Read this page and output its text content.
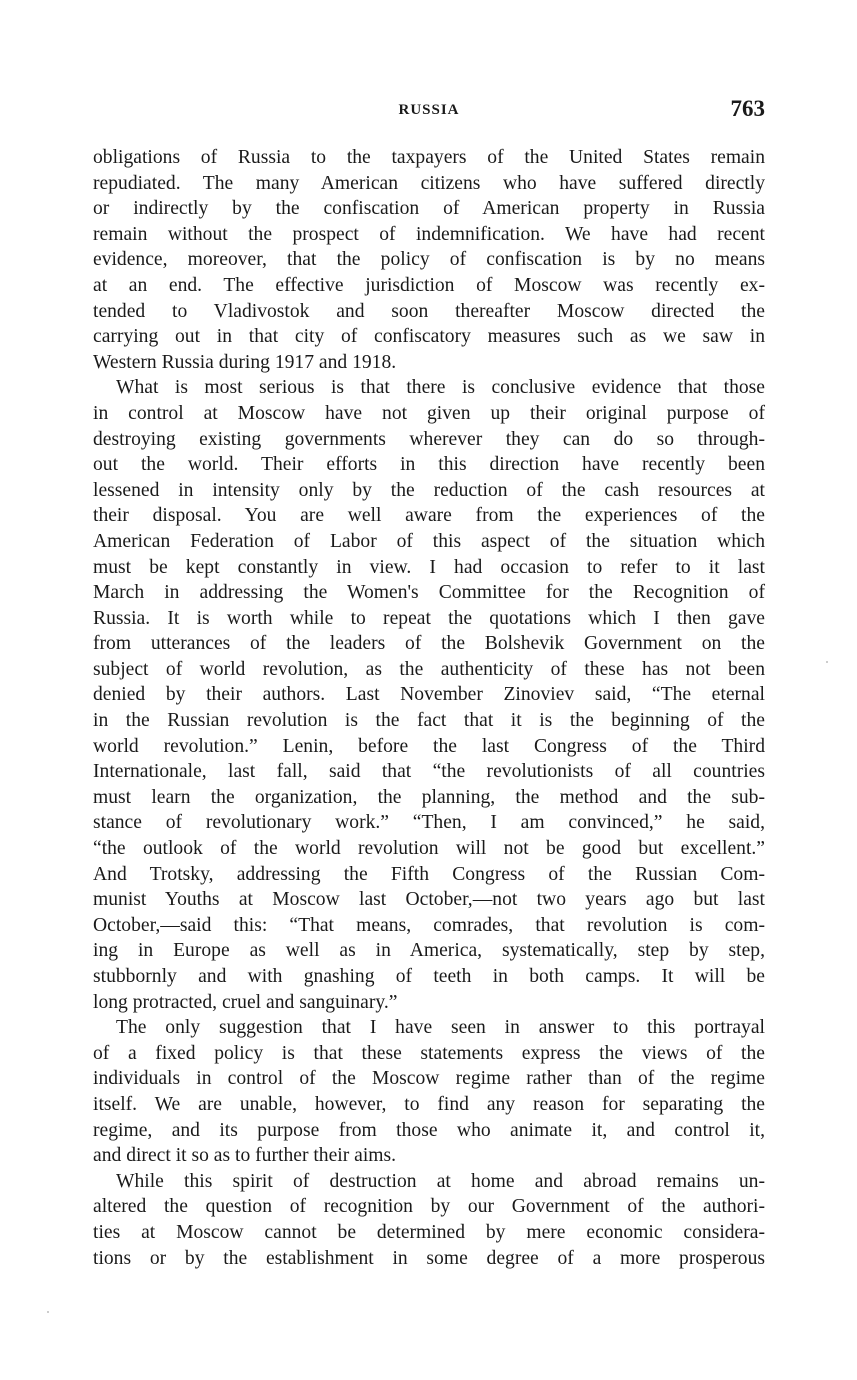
RUSSIA	763

obligations of Russia to the taxpayers of the United States remain
repudiated. The many American citizens who have suffered directly
or indirectly by the confiscation of American property in Russia
remain without the prospect of indemnification. We have had recent
evidence, moreover, that the policy of confiscation is by no means
at an end. The effective jurisdiction of Moscow was recently ex-
tended to Vladivostok and soon thereafter Moscow directed the
carrying out in that city of confiscatory measures such as we saw in
Western Russia during 1917 and 1918.

What is most serious is that there is conclusive evidence that those
in control at Moscow have not given up their original purpose of
destroying existing governments wherever they can do so through-
out the world. Their efforts in this direction have recently been
lessened in intensity only by the reduction of the cash resources at
their disposal. You are well aware from the experiences of the
American Federation of Labor of this aspect of the situation which
must be kept constantly in view. I had occasion to refer to it last
March in addressing the Women's Committee for the Recognition of
Russia. It is worth while to repeat the quotations which I then gave
from utterances of the leaders of the Bolshevik Government on the
subject of world revolution, as the authenticity of these has not been
denied by their authors. Last November Zinoviev said, “The eternal
in the Russian revolution is the fact that it is the beginning of the
world revolution.” Lenin, before the last Congress of the Third
Internationale, last fall, said that “the revolutionists of all countries
must learn the organization, the planning, the method and the sub-
stance of revolutionary work.” “Then, I am convinced,” he said,
“the outlook of the world revolution will not be good but excellent.”
And Trotsky, addressing the Fifth Congress of the Russian Com-
munist Youths at Moscow last October,—not two years ago but last
October,—said this: “That means, comrades, that revolution is com-
ing in Europe as well as in America, systematically, step by step,
stubbornly and with gnashing of teeth in both camps. It will be
long protracted, cruel and sanguinary.”

The only suggestion that I have seen in answer to this portrayal
of a fixed policy is that these statements express the views of the
individuals in control of the Moscow regime rather than of the regime
itself. We are unable, however, to find any reason for separating the
regime, and its purpose from those who animate it, and control it,
and direct it so as to further their aims.

While this spirit of destruction at home and abroad remains un-
altered the question of recognition by our Government of the authori-
ties at Moscow cannot be determined by mere economic considera-
tions or by the establishment in some degree of a more prosperous
